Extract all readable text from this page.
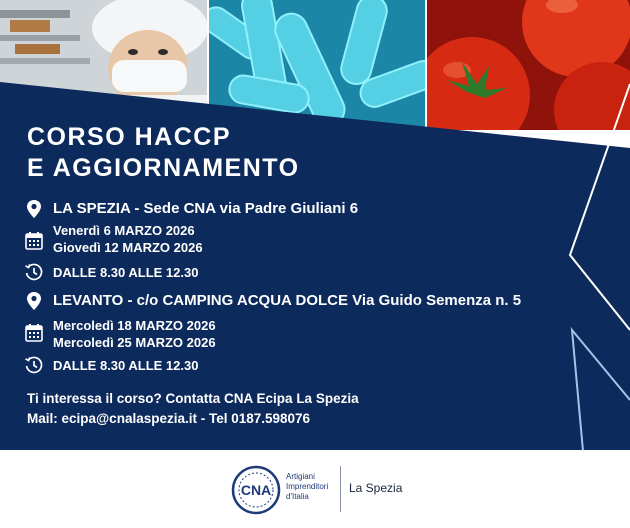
CORSO HACCP
E AGGIORNAMENTO
LA SPEZIA - Sede CNA via Padre Giuliani 6
Venerdì 6 MARZO 2026
Giovedì 12 MARZO 2026
DALLE 8.30 ALLE 12.30
LEVANTO - c/o CAMPING ACQUA DOLCE Via Guido Semenza n. 5
Mercoledì 18 MARZO 2026
Mercoledì 25 MARZO 2026
DALLE 8.30 ALLE 12.30
Ti interessa il corso? Contatta CNA Ecipa La Spezia
Mail: ecipa@cnalaspezia.it - Tel 0187.598076
CNA
Artigiani
Imprenditori
d'Italia
La Spezia
